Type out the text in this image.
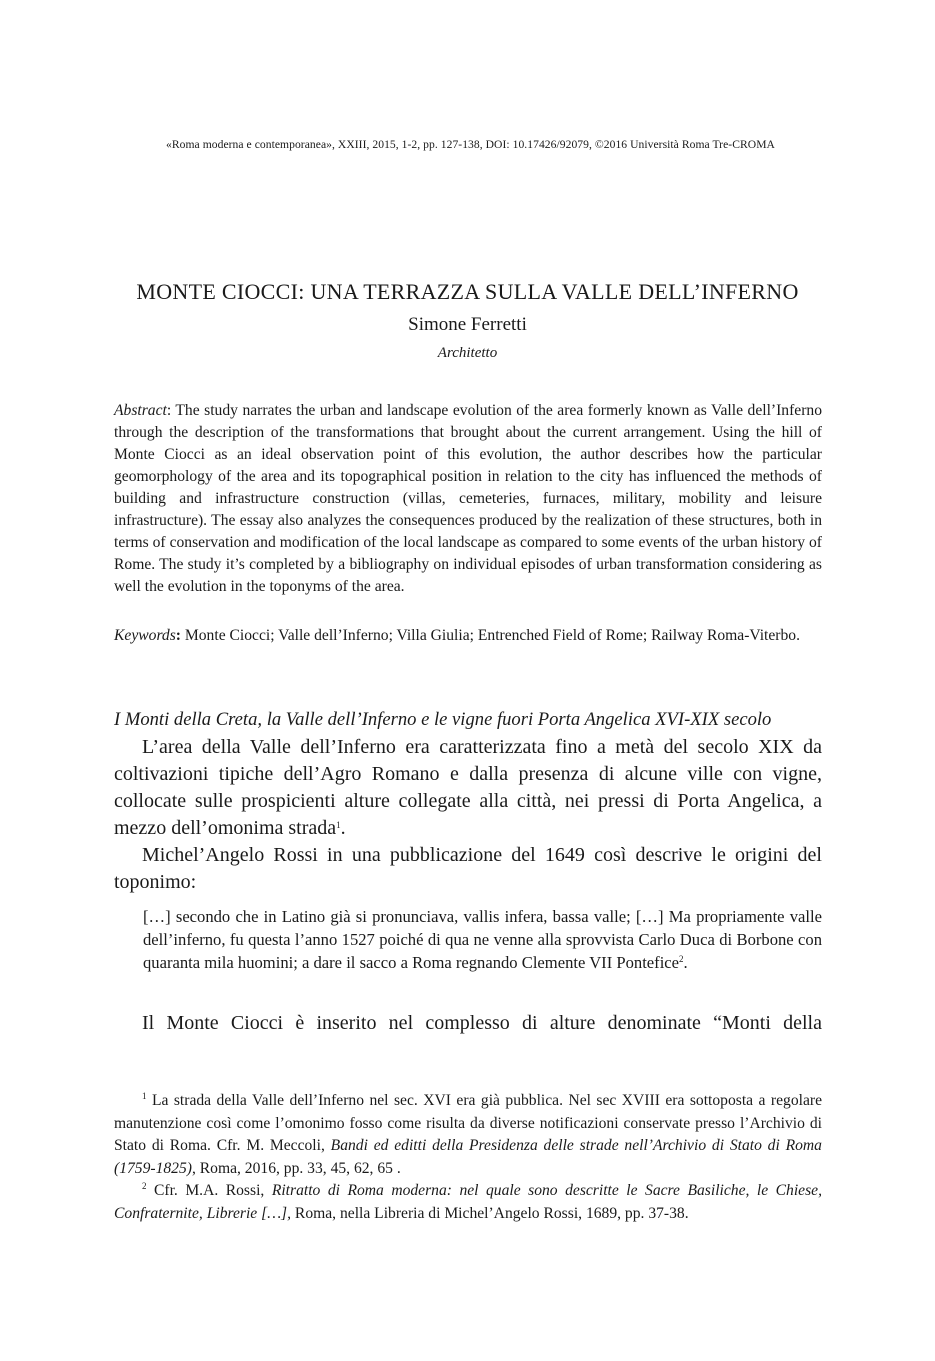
«Roma moderna e contemporanea», XXIII, 2015, 1-2, pp. 127-138, DOI: 10.17426/92079, ©2016 Università Roma Tre-CROMA
MONTE CIOCCI: UNA TERRAZZA SULLA VALLE DELL’INFERNO
Simone Ferretti
Architetto
Abstract: The study narrates the urban and landscape evolution of the area formerly known as Valle dell’Inferno through the description of the transformations that brought about the current arrangement. Using the hill of Monte Ciocci as an ideal observation point of this evolution, the author describes how the particular geomorphology of the area and its topographical position in relation to the city has influenced the methods of building and infrastructure construction (villas, cemeteries, furnaces, military, mobility and leisure infrastructure). The essay also analyzes the consequences produced by the realization of these structures, both in terms of conservation and modification of the local landscape as compared to some events of the urban history of Rome. The study it’s completed by a bibliography on individual episodes of urban transformation considering as well the evolution in the toponyms of the area.
Keywords: Monte Ciocci; Valle dell’Inferno; Villa Giulia; Entrenched Field of Rome; Railway Roma-Viterbo.
I Monti della Creta, la Valle dell’Inferno e le vigne fuori Porta Angelica XVI-XIX secolo

L’area della Valle dell’Inferno era caratterizzata fino a metà del secolo XIX da coltivazioni tipiche dell’Agro Romano e dalla presenza di alcune ville con vigne, collocate sulle prospicienti alture collegate alla città, nei pressi di Porta Angelica, a mezzo dell’omonima strada$^1$.

Michel’Angelo Rossi in una pubblicazione del 1649 così descrive le origini del toponimo:

[…] secondo che in Latino già si pronunciava, vallis infera, bassa valle; […] Ma propriamente valle dell’inferno, fu questa l’anno 1527 poiché di qua ne venne alla sprovvista Carlo Duca di Borbone con quaranta mila huomini; a dare il sacco a Roma regnando Clemente VII Pontefice$^2$.

Il Monte Ciocci è inserito nel complesso di alture denominate “Monti della

$^1$ La strada della Valle dell’Inferno nel sec. XVI era già pubblica. Nel sec XVIII era sottoposta a regolare manutenzione così come l’omonimo fosso come risulta da diverse notificazioni conservate presso l’Archivio di Stato di Roma. Cfr. M. Meccoli, Bandi ed editti della Presidenza delle strade nell’Archivio di Stato di Roma (1759-1825), Roma, 2016, pp. 33, 45, 62, 65 .

$^2$ Cfr. M.A. Rossi, Ritratto di Roma moderna: nel quale sono descritte le Sacre Basiliche, le Chiese, Confraternite, Librerie […], Roma, nella Libreria di Michel’Angelo Rossi, 1689, pp. 37-38.
